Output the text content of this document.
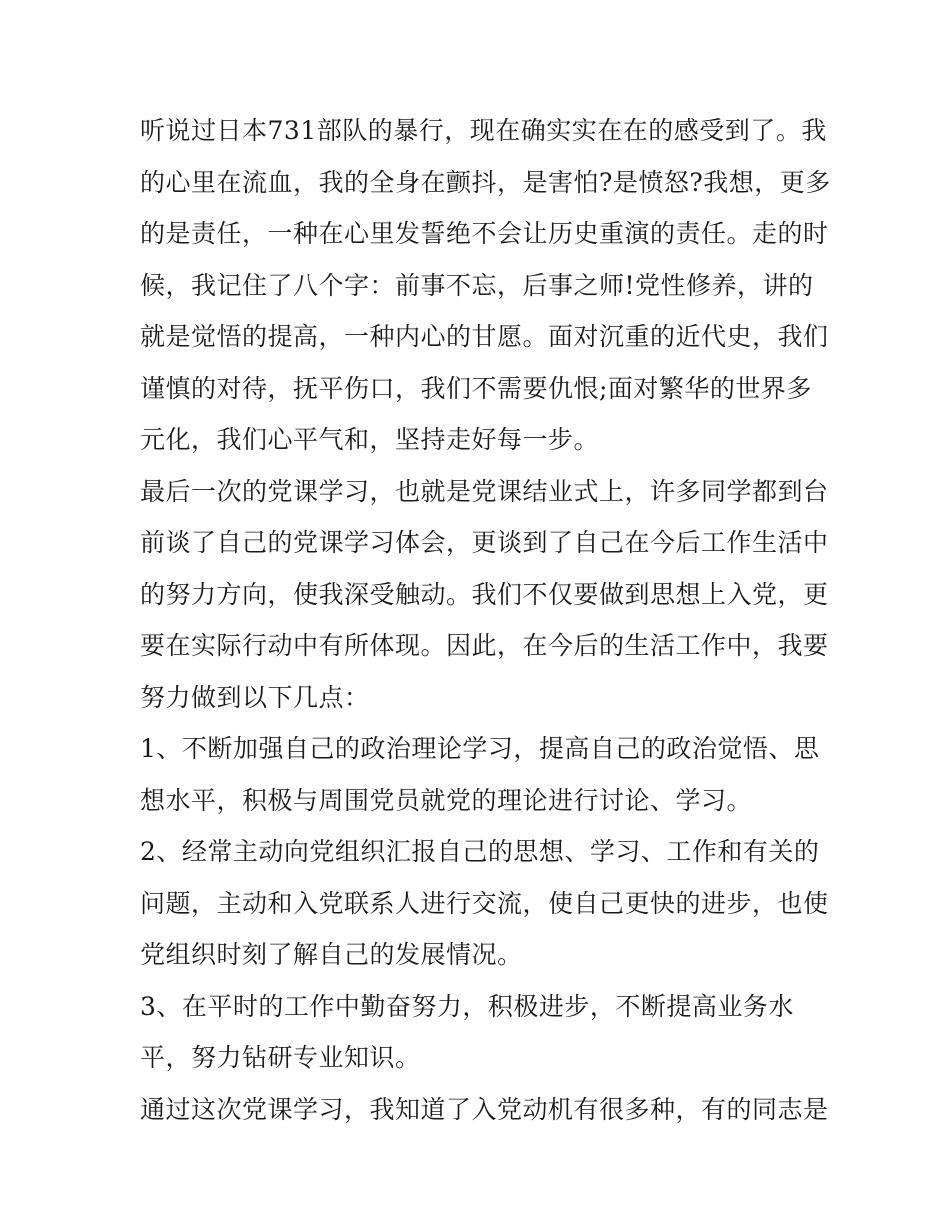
听说过日本731部队的暴行，现在确实实在在的感受到了。我
的心里在流血，我的全身在颤抖，是害怕?是愤怒?我想，更多
的是责任，一种在心里发誓绝不会让历史重演的责任。走的时
候，我记住了八个字：前事不忘，后事之师!党性修养，讲的
就是觉悟的提高，一种内心的甘愿。面对沉重的近代史，我们
谨慎的对待，抚平伤口，我们不需要仇恨;面对繁华的世界多
元化，我们心平气和，坚持走好每一步。
最后一次的党课学习，也就是党课结业式上，许多同学都到台
前谈了自己的党课学习体会，更谈到了自己在今后工作生活中
的努力方向，使我深受触动。我们不仅要做到思想上入党，更
要在实际行动中有所体现。因此，在今后的生活工作中，我要
努力做到以下几点：
1、不断加强自己的政治理论学习，提高自己的政治觉悟、思
想水平，积极与周围党员就党的理论进行讨论、学习。
2、经常主动向党组织汇报自己的思想、学习、工作和有关的
问题，主动和入党联系人进行交流，使自己更快的进步，也使
党组织时刻了解自己的发展情况。
3、在平时的工作中勤奋努力，积极进步，不断提高业务水
平，努力钻研专业知识。
通过这次党课学习，我知道了入党动机有很多种，有的同志是
